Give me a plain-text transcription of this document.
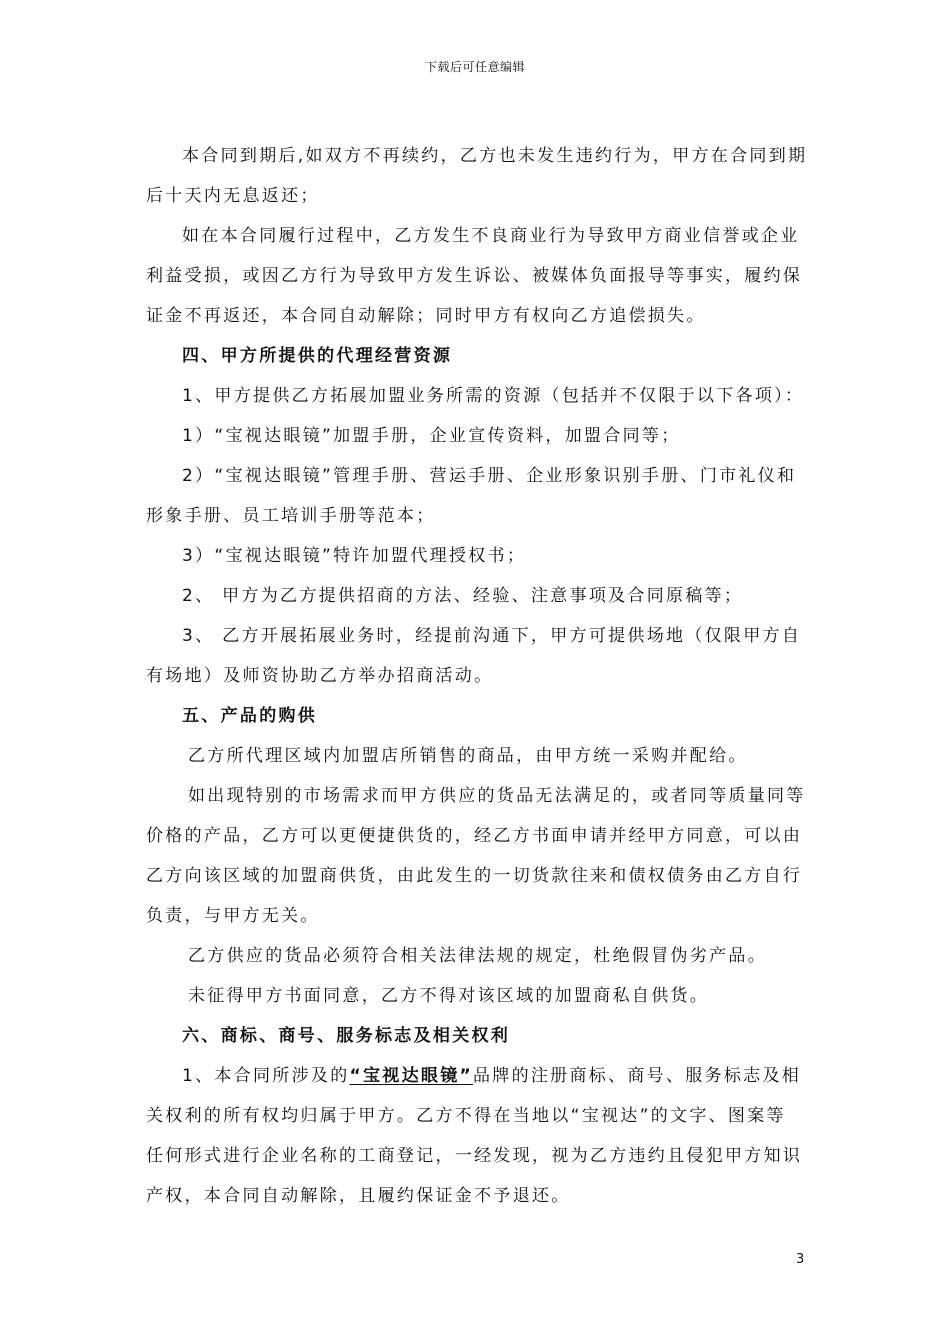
下载后可任意编辑
本合同到期后,如双方不再续约，乙方也未发生违约行为，甲方在合同到期
后十天内无息返还；
如在本合同履行过程中，乙方发生不良商业行为导致甲方商业信誉或企业
利益受损，或因乙方行为导致甲方发生诉讼、被媒体负面报导等事实，履约保
证金不再返还，本合同自动解除；同时甲方有权向乙方追偿损失。
四、甲方所提供的代理经营资源
1、甲方提供乙方拓展加盟业务所需的资源（包括并不仅限于以下各项）：
1）“宝视达眼镜”加盟手册，企业宣传资料，加盟合同等；
2）“宝视达眼镜”管理手册、营运手册、企业形象识别手册、门市礼仪和
形象手册、员工培训手册等范本；
3）“宝视达眼镜”特许加盟代理授权书；
2、 甲方为乙方提供招商的方法、经验、注意事项及合同原稿等；
3、 乙方开展拓展业务时，经提前沟通下，甲方可提供场地（仅限甲方自
有场地）及师资协助乙方举办招商活动。
五、产品的购供
乙方所代理区域内加盟店所销售的商品，由甲方统一采购并配给。
如出现特别的市场需求而甲方供应的货品无法满足的，或者同等质量同等
价格的产品，乙方可以更便捷供货的，经乙方书面申请并经甲方同意，可以由
乙方向该区域的加盟商供货，由此发生的一切货款往来和债权债务由乙方自行
负责，与甲方无关。
乙方供应的货品必须符合相关法律法规的规定，杜绝假冒伪劣产品。
未征得甲方书面同意，乙方不得对该区域的加盟商私自供货。
六、商标、商号、服务标志及相关权利
1、本合同所涉及的“宝视达眼镜”品牌的注册商标、商号、服务标志及相
关权利的所有权均归属于甲方。乙方不得在当地以“宝视达”的文字、图案等
任何形式进行企业名称的工商登记，一经发现，视为乙方违约且侵犯甲方知识
产权，本合同自动解除，且履约保证金不予退还。
3
